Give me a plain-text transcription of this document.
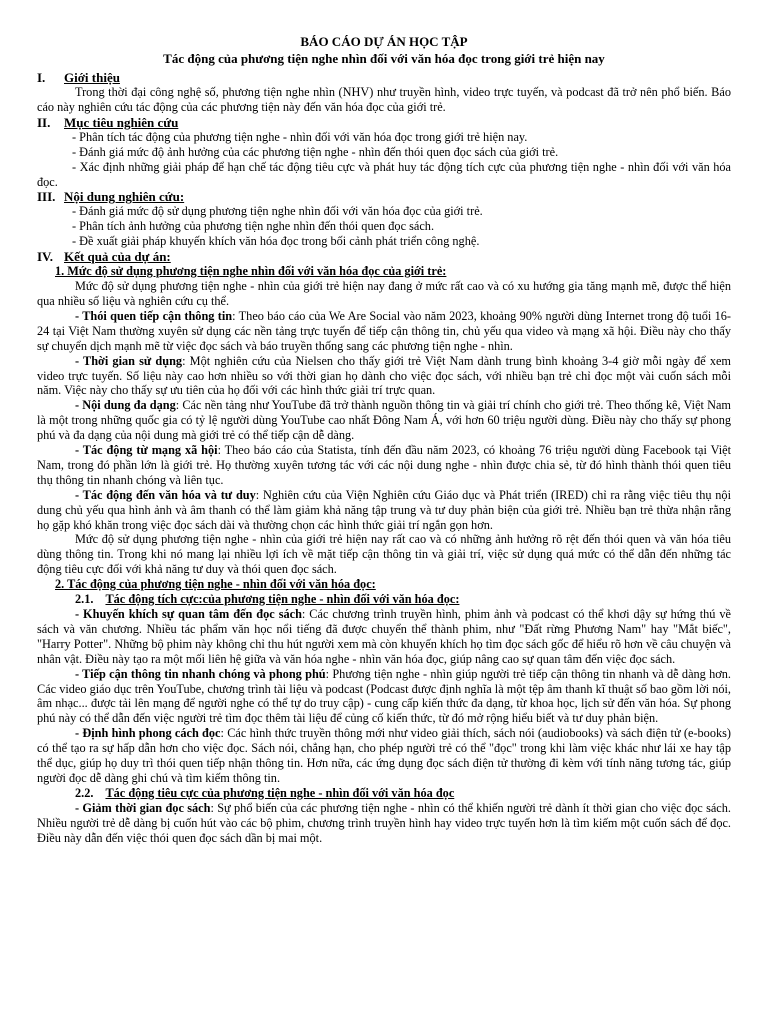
BÁO CÁO DỰ ÁN HỌC TẬP
Tác động của phương tiện nghe nhìn đối với văn hóa đọc trong giới trẻ hiện nay
I.	Giới thiệu

Trong thời đại công nghệ số, phương tiện nghe nhìn (NHV) như truyền hình, video trực tuyến, và podcast đã trở nên phổ biến. Báo cáo này nghiên cứu tác động của các phương tiện này đến văn hóa đọc của giới trẻ.

II.	Mục tiêu nghiên cứu

- Phân tích tác động của phương tiện nghe - nhìn đối với văn hóa đọc trong giới trẻ hiện nay.

- Đánh giá mức độ ảnh hưởng của các phương tiện nghe - nhìn đến thói quen đọc sách của giới trẻ.

- Xác định những giải pháp để hạn chế tác động tiêu cực và phát huy tác động tích cực của phương tiện nghe - nhìn đối với văn hóa đọc.

III. Nội dung nghiên cứu:

- Đánh giá mức độ sử dụng phương tiện nghe nhìn đối với văn hóa đọc của giới trẻ.

- Phân tích ảnh hưởng của phương tiện nghe nhìn đến thói quen đọc sách.

- Đề xuất giải pháp khuyến khích văn hóa đọc trong bối cảnh phát triển công nghệ.

IV. Kết quả của dự án:
1. Mức độ sử dụng phương tiện nghe nhìn đối với văn hóa đọc của giới trẻ:

Mức độ sử dụng phương tiện nghe - nhìn của giới trẻ hiện nay đang ở mức rất cao và có xu hướng gia tăng mạnh mẽ, được thể hiện qua nhiều số liệu và nghiên cứu cụ thể.

- Thói quen tiếp cận thông tin: Theo báo cáo của We Are Social vào năm 2023, khoảng 90% người dùng Internet trong độ tuổi 16-24 tại Việt Nam thường xuyên sử dụng các nền tảng trực tuyến để tiếp cận thông tin, chủ yếu qua video và mạng xã hội. Điều này cho thấy sự chuyển dịch mạnh mẽ từ việc đọc sách và báo truyền thống sang các phương tiện nghe - nhìn.

- Thời gian sử dụng: Một nghiên cứu của Nielsen cho thấy giới trẻ Việt Nam dành trung bình khoảng 3-4 giờ mỗi ngày để xem video trực tuyến. Số liệu này cao hơn nhiều so với thời gian họ dành cho việc đọc sách, với nhiều bạn trẻ chỉ đọc một vài cuốn sách mỗi năm. Việc này cho thấy sự ưu tiên của họ đối với các hình thức giải trí trực quan.

- Nội dung đa dạng: Các nền tảng như YouTube đã trở thành nguồn thông tin và giải trí chính cho giới trẻ. Theo thống kê, Việt Nam là một trong những quốc gia có tỷ lệ người dùng YouTube cao nhất Đông Nam Á, với hơn 60 triệu người dùng. Điều này cho thấy sự phong phú và đa dạng của nội dung mà giới trẻ có thể tiếp cận dễ dàng.

- Tác động từ mạng xã hội: Theo báo cáo của Statista, tính đến đầu năm 2023, có khoảng 76 triệu người dùng Facebook tại Việt Nam, trong đó phần lớn là giới trẻ. Họ thường xuyên tương tác với các nội dung nghe - nhìn được chia sẻ, từ đó hình thành thói quen tiêu thụ thông tin nhanh chóng và liên tục.

- Tác động đến văn hóa và tư duy: Nghiên cứu của Viện Nghiên cứu Giáo dục và Phát triển (IRED) chỉ ra rằng việc tiêu thụ nội dung chủ yếu qua hình ảnh và âm thanh có thể làm giảm khả năng tập trung và tư duy phản biện của giới trẻ. Nhiều bạn trẻ thừa nhận rằng họ gặp khó khăn trong việc đọc sách dài và thường chọn các hình thức giải trí ngắn gọn hơn.

Mức độ sử dụng phương tiện nghe - nhìn của giới trẻ hiện nay rất cao và có những ảnh hưởng rõ rệt đến thói quen và văn hóa tiêu dùng thông tin. Trong khi nó mang lại nhiều lợi ích về mặt tiếp cận thông tin và giải trí, việc sử dụng quá mức có thể dẫn đến những tác động tiêu cực đối với khả năng tư duy và thói quen đọc sách.

2. Tác động của phương tiện nghe - nhìn đối với văn hóa đọc:
2.1. Tác động tích cực:của phương tiện nghe - nhìn đối với văn hóa đọc:

- Khuyến khích sự quan tâm đến đọc sách: Các chương trình truyền hình, phim ảnh và podcast có thể khơi dậy sự hứng thú về sách và văn chương. Nhiều tác phẩm văn học nổi tiếng đã được chuyển thể thành phim, như "Đất rừng Phương Nam" hay "Mắt biếc", "Harry Potter". Những bộ phim này không chỉ thu hút người xem mà còn khuyến khích họ tìm đọc sách gốc để hiểu rõ hơn về câu chuyện và nhân vật. Điều này tạo ra một mối liên hệ giữa và văn hóa nghe - nhìn văn hóa đọc, giúp nâng cao sự quan tâm đến việc đọc sách.

- Tiếp cận thông tin nhanh chóng và phong phú: Phương tiện nghe - nhìn giúp người trẻ tiếp cận thông tin nhanh và dễ dàng hơn. Các video giáo dục trên YouTube, chương trình tài liệu và podcast (Podcast được định nghĩa là một tệp âm thanh kĩ thuật số bao gồm lời nói, âm nhạc... được tải lên mạng để người nghe có thể tự do truy cập) - cung cấp kiến thức đa dạng, từ khoa học, lịch sử đến văn hóa. Sự phong phú này có thể dẫn đến việc người trẻ tìm đọc thêm tài liệu để củng cố kiến thức, từ đó mở rộng hiểu biết và tư duy phản biện.

- Định hình phong cách đọc: Các hình thức truyền thông mới như video giải thích, sách nói (audiobooks) và sách điện tử (e-books) có thể tạo ra sự hấp dẫn hơn cho việc đọc. Sách nói, chẳng hạn, cho phép người trẻ có thể "đọc" trong khi làm việc khác như lái xe hay tập thể dục, giúp họ duy trì thói quen tiếp nhận thông tin. Hơn nữa, các ứng dụng đọc sách điện tử thường đi kèm với tính năng tương tác, giúp người đọc dễ dàng ghi chú và tìm kiếm thông tin.

2.2. Tác động tiêu cực của phương tiện nghe - nhìn đối với văn hóa đọc

- Giảm thời gian đọc sách: Sự phổ biến của các phương tiện nghe - nhìn có thể khiến người trẻ dành ít thời gian cho việc đọc sách. Nhiều người trẻ dễ dàng bị cuốn hút vào các bộ phim, chương trình truyền hình hay video trực tuyến hơn là tìm kiếm một cuốn sách để đọc. Điều này dẫn đến việc thói quen đọc sách dần bị mai một.
